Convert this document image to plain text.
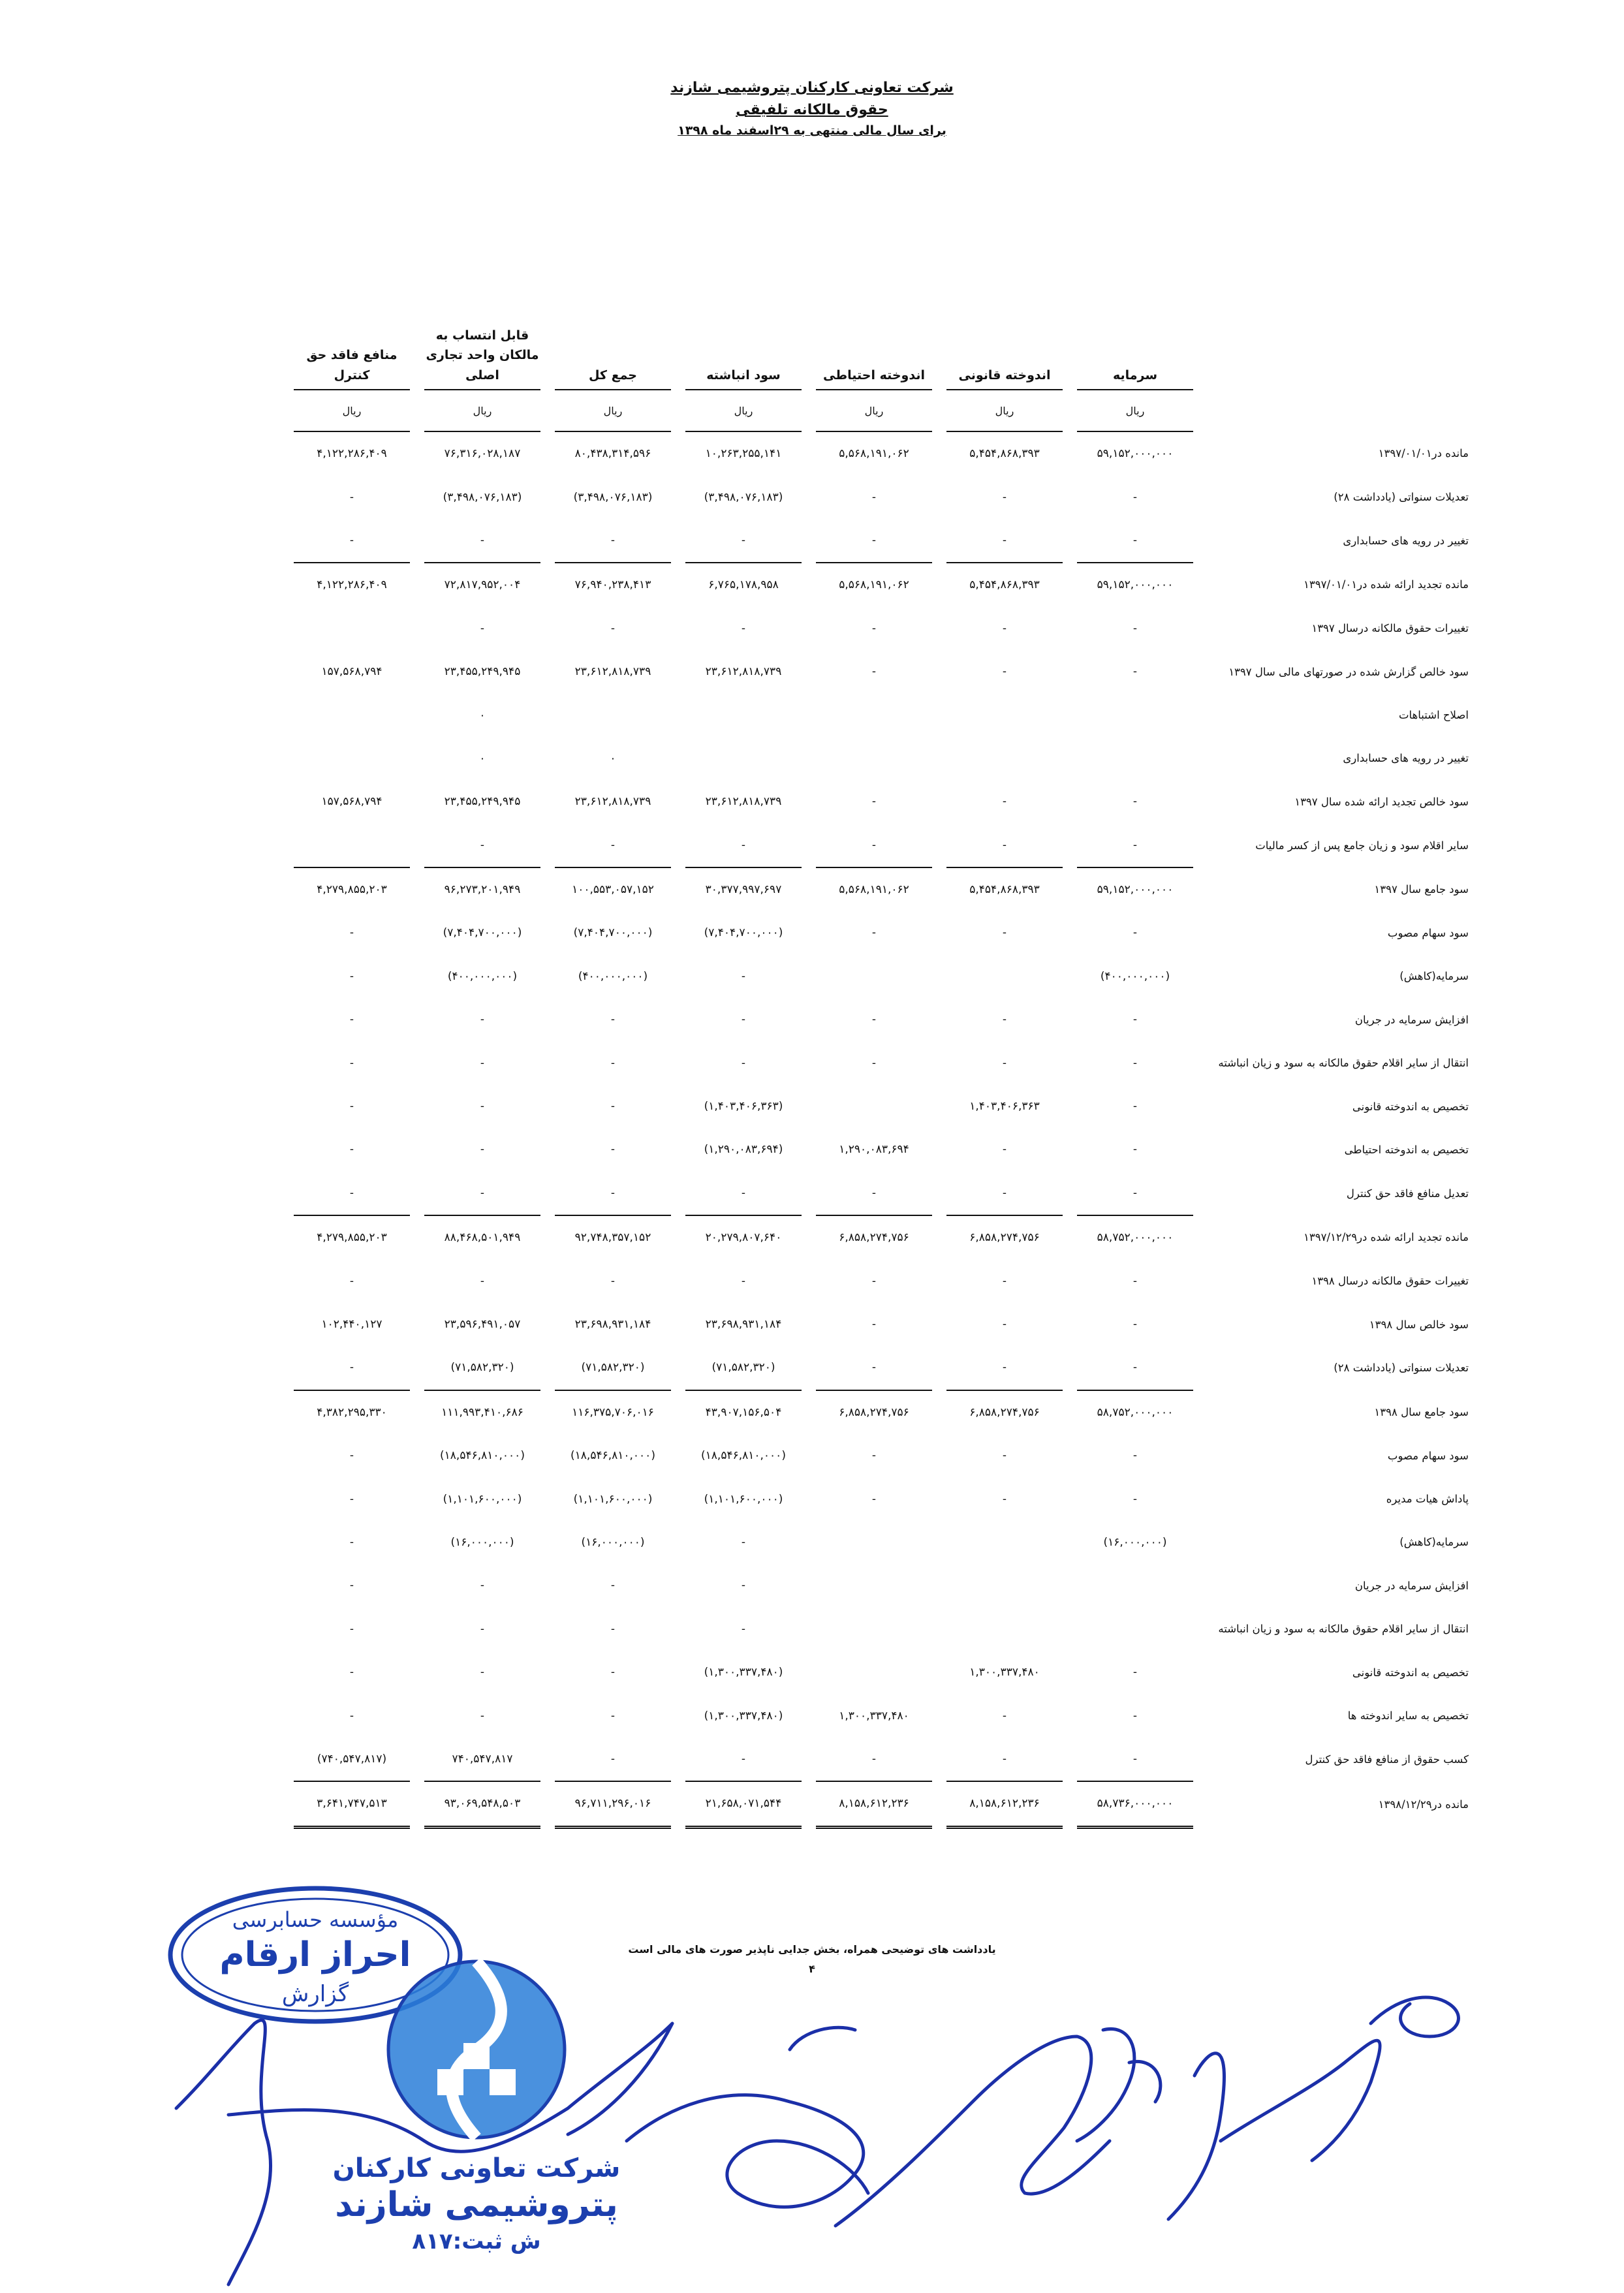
شرکت تعاونی کارکنان پتروشیمی شازند
حقوق مالکانه تلفیقی
برای سال مالی منتهی به ۲۹اسفند ماه ۱۳۹۸
	سرمایه		اندوخته قانونی		اندوخته احتیاطی		سود انباشته		جمع کل		قابل انتساب به مالکان واحد تجاری اصلی		منافع فاقد حق کنترل
	ریال		ریال		ریال		ریال		ریال		ریال		ریال
مانده در۱۳۹۷/۰۱/۰۱	۵۹,۱۵۲,۰۰۰,۰۰۰		۵,۴۵۴,۸۶۸,۳۹۳		۵,۵۶۸,۱۹۱,۰۶۲		۱۰,۲۶۳,۲۵۵,۱۴۱		۸۰,۴۳۸,۳۱۴,۵۹۶		۷۶,۳۱۶,۰۲۸,۱۸۷		۴,۱۲۲,۲۸۶,۴۰۹
تعدیلات سنواتی (یادداشت ۲۸)	-		-		-		(۳,۴۹۸,۰۷۶,۱۸۳)		(۳,۴۹۸,۰۷۶,۱۸۳)		(۳,۴۹۸,۰۷۶,۱۸۳)		-
تغییر در رویه های حسابداری	-		-		-		-		-		-		-
مانده تجدید ارائه شده در۱۳۹۷/۰۱/۰۱	۵۹,۱۵۲,۰۰۰,۰۰۰		۵,۴۵۴,۸۶۸,۳۹۳		۵,۵۶۸,۱۹۱,۰۶۲		۶,۷۶۵,۱۷۸,۹۵۸		۷۶,۹۴۰,۲۳۸,۴۱۳		۷۲,۸۱۷,۹۵۲,۰۰۴		۴,۱۲۲,۲۸۶,۴۰۹
تغییرات حقوق مالکانه درسال ۱۳۹۷	-		-		-		-		-		-		
سود خالص گزارش شده در صورتهای مالی سال ۱۳۹۷	-		-		-		۲۳,۶۱۲,۸۱۸,۷۳۹		۲۳,۶۱۲,۸۱۸,۷۳۹		۲۳,۴۵۵,۲۴۹,۹۴۵		۱۵۷,۵۶۸,۷۹۴
اصلاح اشتباهات											۰		
تغییر در رویه های حسابداری									۰		۰		
سود خالص تجدید ارائه شده سال ۱۳۹۷	-		-		-		۲۳,۶۱۲,۸۱۸,۷۳۹		۲۳,۶۱۲,۸۱۸,۷۳۹		۲۳,۴۵۵,۲۴۹,۹۴۵		۱۵۷,۵۶۸,۷۹۴
سایر اقلام سود و زیان جامع پس از کسر مالیات	-		-		-		-		-		-		
سود جامع سال ۱۳۹۷	۵۹,۱۵۲,۰۰۰,۰۰۰		۵,۴۵۴,۸۶۸,۳۹۳		۵,۵۶۸,۱۹۱,۰۶۲		۳۰,۳۷۷,۹۹۷,۶۹۷		۱۰۰,۵۵۳,۰۵۷,۱۵۲		۹۶,۲۷۳,۲۰۱,۹۴۹		۴,۲۷۹,۸۵۵,۲۰۳
سود سهام مصوب	-		-		-		(۷,۴۰۴,۷۰۰,۰۰۰)		(۷,۴۰۴,۷۰۰,۰۰۰)		(۷,۴۰۴,۷۰۰,۰۰۰)		-
سرمایه(کاهش)	(۴۰۰,۰۰۰,۰۰۰)						-		(۴۰۰,۰۰۰,۰۰۰)		(۴۰۰,۰۰۰,۰۰۰)		-
افزایش سرمایه در جریان	-		-		-		-		-		-		-
انتقال از سایر اقلام حقوق مالکانه به سود و زیان انباشته	-		-		-		-		-		-		-
تخصیص به اندوخته قانونی	-		۱,۴۰۳,۴۰۶,۳۶۳				(۱,۴۰۳,۴۰۶,۳۶۳)		-		-		-
تخصیص به اندوخته احتیاطی	-		-		۱,۲۹۰,۰۸۳,۶۹۴		(۱,۲۹۰,۰۸۳,۶۹۴)		-		-		-
تعدیل منافع فاقد حق کنترل	-		-		-		-		-		-		-
مانده تجدید ارائه شده در۱۳۹۷/۱۲/۲۹	۵۸,۷۵۲,۰۰۰,۰۰۰		۶,۸۵۸,۲۷۴,۷۵۶		۶,۸۵۸,۲۷۴,۷۵۶		۲۰,۲۷۹,۸۰۷,۶۴۰		۹۲,۷۴۸,۳۵۷,۱۵۲		۸۸,۴۶۸,۵۰۱,۹۴۹		۴,۲۷۹,۸۵۵,۲۰۳
تغییرات حقوق مالکانه درسال ۱۳۹۸	-		-		-		-		-		-		-
سود خالص سال ۱۳۹۸	-		-		-		۲۳,۶۹۸,۹۳۱,۱۸۴		۲۳,۶۹۸,۹۳۱,۱۸۴		۲۳,۵۹۶,۴۹۱,۰۵۷		۱۰۲,۴۴۰,۱۲۷
تعدیلات سنواتی (یادداشت ۲۸)	-		-		-		(۷۱,۵۸۲,۳۲۰)		(۷۱,۵۸۲,۳۲۰)		(۷۱,۵۸۲,۳۲۰)		-
سود جامع سال ۱۳۹۸	۵۸,۷۵۲,۰۰۰,۰۰۰		۶,۸۵۸,۲۷۴,۷۵۶		۶,۸۵۸,۲۷۴,۷۵۶		۴۳,۹۰۷,۱۵۶,۵۰۴		۱۱۶,۳۷۵,۷۰۶,۰۱۶		۱۱۱,۹۹۳,۴۱۰,۶۸۶		۴,۳۸۲,۲۹۵,۳۳۰
سود سهام مصوب	-		-		-		(۱۸,۵۴۶,۸۱۰,۰۰۰)		(۱۸,۵۴۶,۸۱۰,۰۰۰)		(۱۸,۵۴۶,۸۱۰,۰۰۰)		-
پاداش هیات مدیره	-		-		-		(۱,۱۰۱,۶۰۰,۰۰۰)		(۱,۱۰۱,۶۰۰,۰۰۰)		(۱,۱۰۱,۶۰۰,۰۰۰)		-
سرمایه(کاهش)	(۱۶,۰۰۰,۰۰۰)						-		(۱۶,۰۰۰,۰۰۰)		(۱۶,۰۰۰,۰۰۰)		-
افزایش سرمایه در جریان							-		-		-		-
انتقال از سایر اقلام حقوق مالکانه به سود و زیان انباشته							-		-		-		-
تخصیص به اندوخته قانونی	-		۱,۳۰۰,۳۳۷,۴۸۰				(۱,۳۰۰,۳۳۷,۴۸۰)		-		-		-
تخصیص به سایر اندوخته ها	-		-		۱,۳۰۰,۳۳۷,۴۸۰		(۱,۳۰۰,۳۳۷,۴۸۰)		-		-		-
کسب حقوق از منافع فاقد حق کنترل	-		-		-		-		-		۷۴۰,۵۴۷,۸۱۷		(۷۴۰,۵۴۷,۸۱۷)
مانده در۱۳۹۸/۱۲/۲۹	۵۸,۷۳۶,۰۰۰,۰۰۰		۸,۱۵۸,۶۱۲,۲۳۶		۸,۱۵۸,۶۱۲,۲۳۶		۲۱,۶۵۸,۰۷۱,۵۴۴		۹۶,۷۱۱,۲۹۶,۰۱۶		۹۳,۰۶۹,۵۴۸,۵۰۳		۳,۶۴۱,۷۴۷,۵۱۳
یادداشت های توضیحی همراه، بخش جدایی ناپذیر صورت های مالی است
۴
مؤسسه حسابرسی
احراز ارقام
گزارش
شرکت تعاونی کارکنان
پتروشیمی شازند
ش ثبت:۸۱۷
